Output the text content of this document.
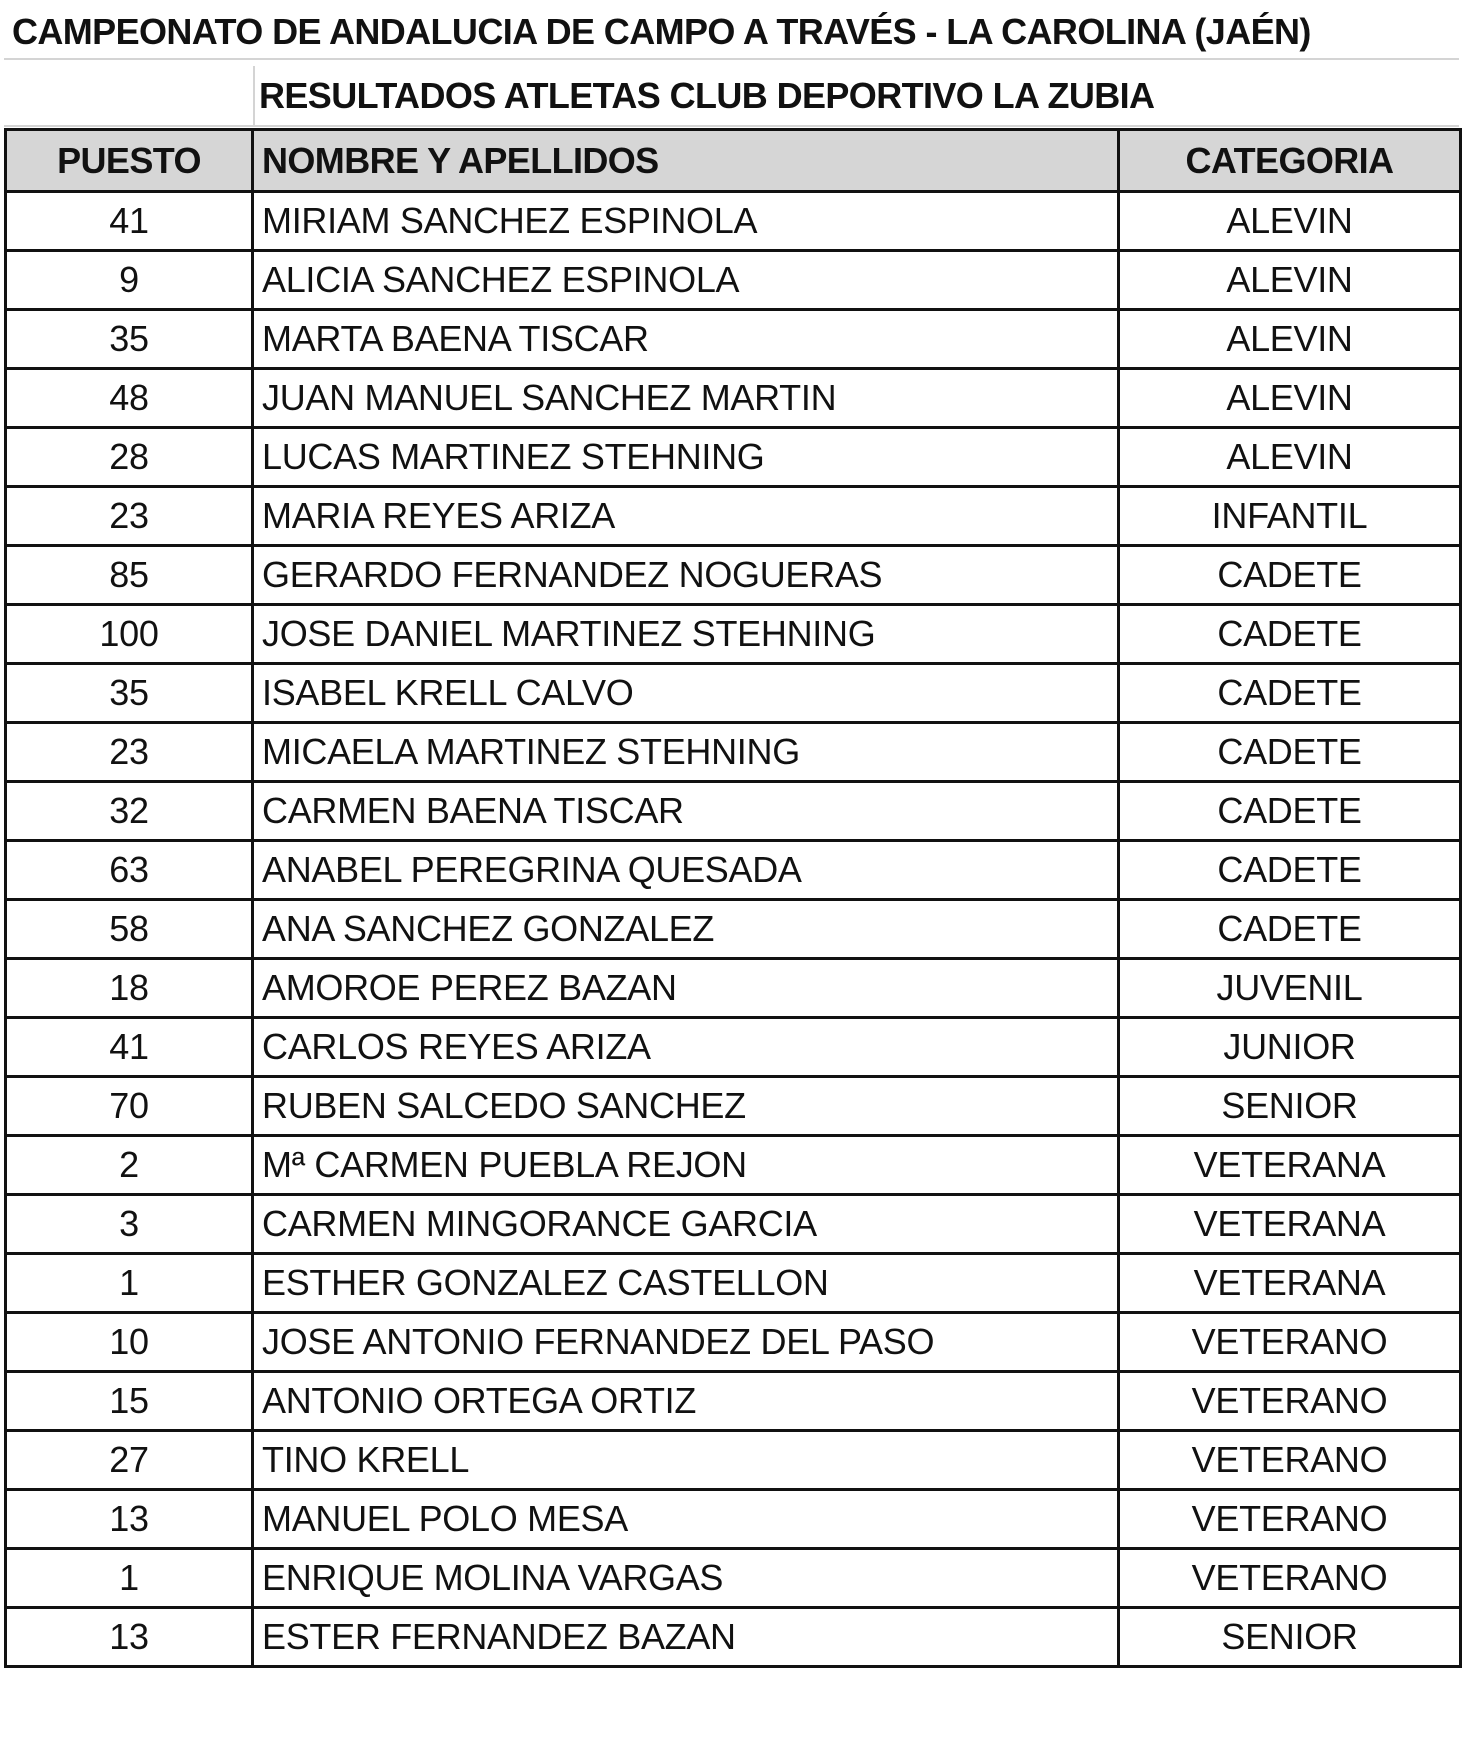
CAMPEONATO DE ANDALUCIA DE CAMPO A TRAVÉS - LA CAROLINA (JAÉN)
RESULTADOS ATLETAS CLUB DEPORTIVO LA ZUBIA
PUESTO	NOMBRE Y APELLIDOS	CATEGORIA
41	MIRIAM SANCHEZ ESPINOLA	ALEVIN
9	ALICIA SANCHEZ ESPINOLA	ALEVIN
35	MARTA BAENA TISCAR	ALEVIN
48	JUAN MANUEL SANCHEZ MARTIN	ALEVIN
28	LUCAS MARTINEZ STEHNING	ALEVIN
23	MARIA REYES ARIZA	INFANTIL
85	GERARDO FERNANDEZ NOGUERAS	CADETE
100	JOSE DANIEL MARTINEZ STEHNING	CADETE
35	ISABEL KRELL CALVO	CADETE
23	MICAELA MARTINEZ STEHNING	CADETE
32	CARMEN BAENA TISCAR	CADETE
63	ANABEL PEREGRINA QUESADA	CADETE
58	ANA SANCHEZ GONZALEZ	CADETE
18	AMOROE PEREZ BAZAN	JUVENIL
41	CARLOS REYES ARIZA	JUNIOR
70	RUBEN SALCEDO SANCHEZ	SENIOR
2	Mª CARMEN PUEBLA REJON	VETERANA
3	CARMEN MINGORANCE GARCIA	VETERANA
1	ESTHER GONZALEZ CASTELLON	VETERANA
10	JOSE ANTONIO FERNANDEZ DEL PASO	VETERANO
15	ANTONIO ORTEGA ORTIZ	VETERANO
27	TINO KRELL	VETERANO
13	MANUEL POLO MESA	VETERANO
1	ENRIQUE MOLINA VARGAS	VETERANO
13	ESTER FERNANDEZ BAZAN	SENIOR
